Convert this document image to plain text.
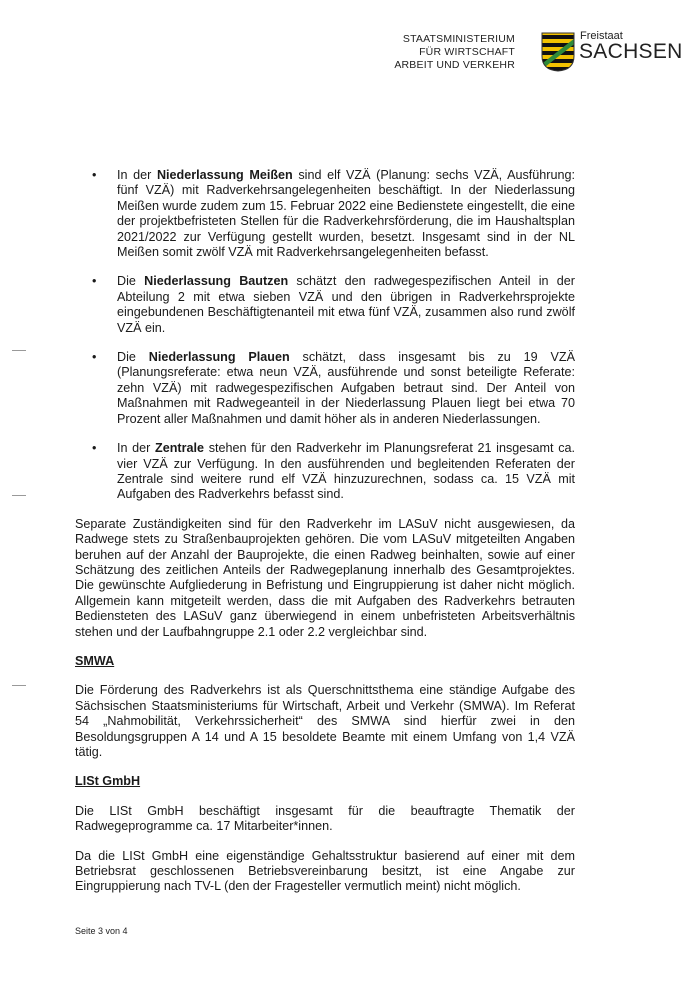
STAATSMINISTERIUM
FÜR WIRTSCHAFT
ARBEIT UND VERKEHR
Freistaat
SACHSEN
• In der Niederlassung Meißen sind elf VZÄ (Planung: sechs VZÄ, Ausführung: fünf VZÄ) mit Radverkehrsangelegenheiten beschäftigt. In der Niederlassung Meißen wurde zudem zum 15. Februar 2022 eine Bedienstete eingestellt, die eine der projektbefristeten Stellen für die Radverkehrsförderung, die im Haushaltsplan 2021/2022 zur Verfügung gestellt wurden, besetzt. Insgesamt sind in der NL Meißen somit zwölf VZÄ mit Radverkehrsangelegenheiten befasst.
• Die Niederlassung Bautzen schätzt den radwegespezifischen Anteil in der Abteilung 2 mit etwa sieben VZÄ und den übrigen in Radverkehrsprojekte eingebundenen Beschäftigtenanteil mit etwa fünf VZÄ, zusammen also rund zwölf VZÄ ein.
• Die Niederlassung Plauen schätzt, dass insgesamt bis zu 19 VZÄ (Planungsreferate: etwa neun VZÄ, ausführende und sonst beteiligte Referate: zehn VZÄ) mit radwegespezifischen Aufgaben betraut sind. Der Anteil von Maßnahmen mit Radwegeanteil in der Niederlassung Plauen liegt bei etwa 70 Prozent aller Maßnahmen und damit höher als in anderen Niederlassungen.
• In der Zentrale stehen für den Radverkehr im Planungsreferat 21 insgesamt ca. vier VZÄ zur Verfügung. In den ausführenden und begleitenden Referaten der Zentrale sind weitere rund elf VZÄ hinzuzurechnen, sodass ca. 15 VZÄ mit Aufgaben des Radverkehrs befasst sind.

Separate Zuständigkeiten sind für den Radverkehr im LASuV nicht ausgewiesen, da Radwege stets zu Straßenbauprojekten gehören. Die vom LASuV mitgeteilten Angaben beruhen auf der Anzahl der Bauprojekte, die einen Radweg beinhalten, sowie auf einer Schätzung des zeitlichen Anteils der Radwegeplanung innerhalb des Gesamtprojektes. Die gewünschte Aufgliederung in Befristung und Eingruppierung ist daher nicht möglich. Allgemein kann mitgeteilt werden, dass die mit Aufgaben des Radverkehrs betrauten Bediensteten des LASuV ganz überwiegend in einem unbefristeten Arbeitsverhältnis stehen und der Laufbahngruppe 2.1 oder 2.2 vergleichbar sind.

SMWA

Die Förderung des Radverkehrs ist als Querschnittsthema eine ständige Aufgabe des Sächsischen Staatsministeriums für Wirtschaft, Arbeit und Verkehr (SMWA). Im Referat 54 „Nahmobilität, Verkehrssicherheit“ des SMWA sind hierfür zwei in den Besoldungsgruppen A 14 und A 15 besoldete Beamte mit einem Umfang von 1,4 VZÄ tätig.

LISt GmbH

Die LISt GmbH beschäftigt insgesamt für die beauftragte Thematik der Radwegeprogramme ca. 17 Mitarbeiter*innen.

Da die LISt GmbH eine eigenständige Gehaltsstruktur basierend auf einer mit dem Betriebsrat geschlossenen Betriebsvereinbarung besitzt, ist eine Angabe zur Eingruppierung nach TV-L (den der Fragesteller vermutlich meint) nicht möglich.

Seite 3 von 4
